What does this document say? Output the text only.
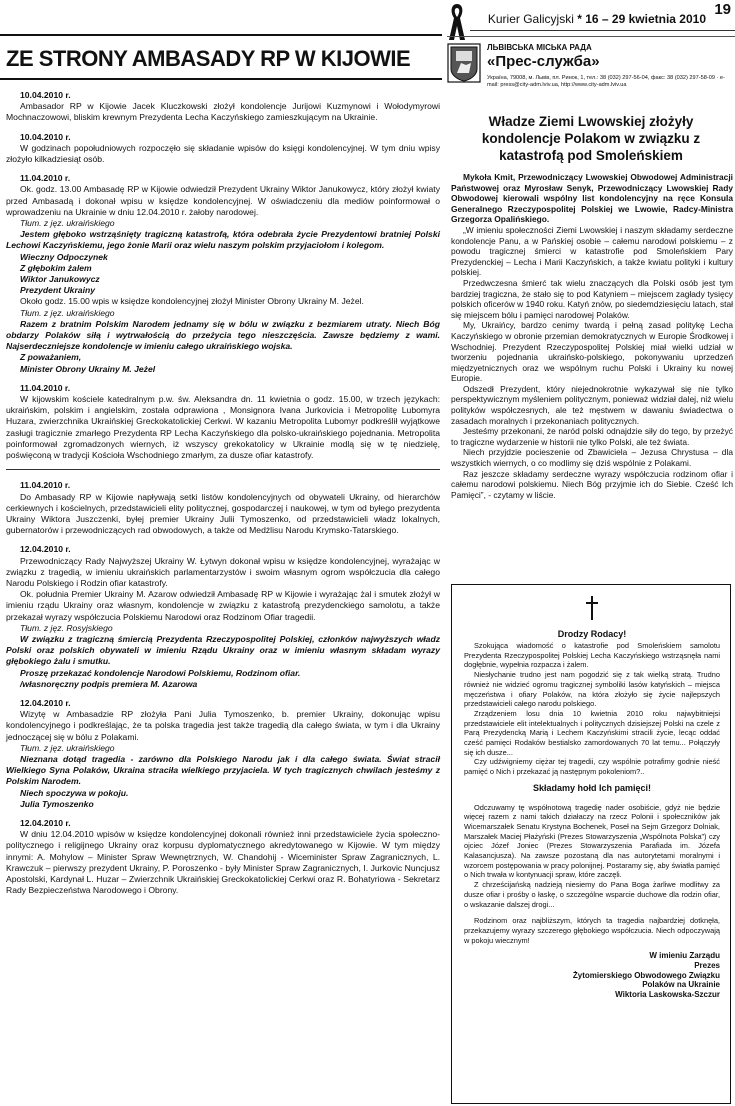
Kurier Galicyjski * 16 – 29 kwietnia 2010
19
ZE STRONY AMBASADY RP W KIJOWIE
10.04.2010 r.

Ambasador RP w Kijowie Jacek Kluczkowski złożył kondolencje Jurijowi Kuzmynowi i Wołodymyrowi Mochnaczowowi, bliskim krewnym Prezydenta Lecha Kaczyńskiego zamieszkującym na Ukrainie.

10.04.2010 r.

W godzinach popołudniowych rozpoczęło się składanie wpisów do księgi kondolencyjnej. W tym dniu wpisy złożyło kilkadziesiąt osób.

11.04.2010 r.

Ok. godz. 13.00 Ambasadę RP w Kijowie odwiedził Prezydent Ukrainy Wiktor Janukowycz, który złożył kwiaty przed Ambasadą i dokonał wpisu w księdze kondolencyjnej. W oświadczeniu dla mediów poinformował o wprowadzeniu na Ukrainie w dniu 12.04.2010 r. żałoby narodowej.

Tłum. z jęz. ukraińskiego

Jestem głęboko wstrząśnięty tragiczną katastrofą, która odebrała życie Prezydentowi bratniej Polski Lechowi Kaczyńskiemu, jego żonie Marii oraz wielu naszym polskim przyjaciołom i kolegom.

Wieczny Odpoczynek

Z głębokim żalem

Wiktor Janukowycz

Prezydent Ukrainy

Około godz. 15.00 wpis w księdze kondolencyjnej złożył Minister Obrony Ukrainy M. Jeżel.

Tłum. z jęz. ukraińskiego

Razem z bratnim Polskim Narodem jednamy się w bólu w związku z bezmiarem utraty. Niech Bóg obdarzy Polaków siłą i wytrwałością do przeżycia tego nieszczęścia. Zawsze będziemy z wami. Najserdeczniejsze kondolencje w imieniu całego ukraińskiego wojska.

Z poważaniem,

Minister Obrony Ukrainy M. Jeżel

11.04.2010 r.

W kijowskim kościele katedralnym p.w. św. Aleksandra dn. 11 kwietnia o godz. 15.00, w trzech językach: ukraińskim, polskim i angielskim, została odprawiona , Monsignora Ivana Jurkovicia i Metropolitę Lubomyra Huzara, zwierzchnika Ukraińskiej Greckokatolickiej Cerkwi. W kazaniu Metropolita Lubomyr podkreślił wyjątkowe zasługi tragicznie zmarłego Prezydenta RP Lecha Kaczyńskiego dla polsko-ukraińskiego pojednania. Metropolita poinformował zgromadzonych wiernych, iż wszyscy grekokatolicy w Ukrainie modlą się w tę niedzielę, poświęconą w tradycji Kościoła Wschodniego zmarłym, za dusze ofiar katastrofy.

11.04.2010 r.

Do Ambasady RP w Kijowie napływają setki listów kondolencyjnych od obywateli Ukrainy, od hierarchów cerkiewnych i kościelnych, przedstawicieli elity politycznej, gospodarczej i naukowej, w tym od byłego prezydenta Ukrainy Wiktora Juszczenki, byłej premier Ukrainy Julii Tymoszenko, od przedstawicieli władz lokalnych, gubernatorów i przewodniczących rad obwodowych, a także od Medżlisu Narodu Krymsko-Tatarskiego.

12.04.2010 r.

Przewodniczący Rady Najwyższej Ukrainy W. Łytwyn dokonał wpisu w księdze kondolencyjnej, wyrażając w związku z tragedią, w imieniu ukraińskich parlamentarzystów i swoim własnym ogrom współczucia dla całego Narodu Polskiego i Rodzin ofiar katastrofy.

Ok. południa Premier Ukrainy M. Azarow odwiedził Ambasadę RP w Kijowie i wyrażając żal i smutek złożył w imieniu rządu Ukrainy oraz własnym, kondolencje w związku z katastrofą prezydenckiego samolotu, a także przekazał wyrazy współczucia Polskiemu Narodowi oraz Rodzinom Ofiar tragedii.

Tłum. z jęz. Rosyjskiego

W związku z tragiczną śmiercią Prezydenta Rzeczypospolitej Polskiej, członków najwyższych władz Polski oraz polskich obywateli w imieniu Rządu Ukrainy oraz w imieniu własnym składam wyrazy głębokiego żalu i smutku.

Proszę przekazać kondolencje Narodowi Polskiemu, Rodzinom ofiar.

/własnoręczny podpis premiera M. Azarowa

12.04.2010 r.

Wizytę w Ambasadzie RP złożyła Pani Julia Tymoszenko, b. premier Ukrainy, dokonując wpisu kondolencyjnego i podkreślając, że ta polska tragedia jest także tragedią dla całego świata, w tym i dla Ukrainy jednoczącej się w bólu z Polakami.

Tłum. z jęz. ukraińskiego

Nieznana dotąd tragedia - zarówno dla Polskiego Narodu jak i dla całego świata. Świat stracił Wielkiego Syna Polaków, Ukraina straciła wielkiego przyjaciela. W tych tragicznych chwilach jesteśmy z Polskim Narodem.

Niech spoczywa w pokoju.

Julia Tymoszenko

12.04.2010 r.

W dniu 12.04.2010 wpisów w księdze kondolencyjnej dokonali również inni przedstawiciele życia społeczno-politycznego i religijnego Ukrainy oraz korpusu dyplomatycznego akredytowanego w Kijowie. W tym między innymi: A. Mohylow – Minister Spraw Wewnętrznych, W. Chandohij - Wiceminister Spraw Zagranicznych, L. Krawczuk – pierwszy prezydent Ukrainy, P. Poroszenko - były Minister Spraw Zagranicznych, I. Jurkovic Nuncjusz Apostolski, Kardynał L. Huzar – Zwierzchnik Ukraińskiej Greckokatolickiej Cerkwi oraz R. Bohatyriowa - Sekretarz Rady Bezpieczeństwa Narodowego i Obrony.

ЛЬВІВСЬКА МІСЬКА РАДА
«Прес-служба»
Україна, 79008, м. Львів, пл. Ринок, 1, тел.: 38 (032) 297-56-04, факс: 38 (032) 297-58-09 · e-mail: press@city-adm.lviv.ua, http://www.city-adm.lviv.ua
Władze Ziemi Lwowskiej złożyły kondolencje Polakom w związku z katastrofą pod Smoleńskiem

Mykoła Kmit, Przewodniczący Lwowskiej Obwodowej Administracji Państwowej oraz Myrosław Senyk, Przewodniczący Lwowskiej Rady Obwodowej kierowali wspólny list kondolencyjny na ręce Konsula Generalnego Rzeczypospolitej Polskiej we Lwowie, Radcy-Ministra Grzegorza Opalińskiego.

„W imieniu społeczności Ziemi Lwowskiej i naszym składamy serdeczne kondolencje Panu, a w Pańskiej osobie – całemu narodowi polskiemu – z powodu tragicznej śmierci w katastrofie pod Smoleńskiem Pary Prezydenckiej – Lecha i Marii Kaczyńskich, a także kwiatu polityki i kultury polskiej.

Przedwczesna śmierć tak wielu znaczących dla Polski osób jest tym bardziej tragiczna, że stało się to pod Katyniem – miejscem zagłady tysięcy polskich oficerów w 1940 roku. Katyń znów, po siedemdziesięciu latach, stał się miejscem bólu i pamięci narodowej Polaków.

My, Ukraińcy, bardzo cenimy twardą i pełną zasad politykę Lecha Kaczyńskiego w obronie przemian demokratycznych w Europie Środkowej i Wschodniej. Prezydent Rzeczypospolitej Polskiej miał wielki udział w tworzeniu pojednania ukraińsko-polskiego, pokonywaniu uprzedzeń międzyetnicznych oraz we wspólnym ruchu Polski i Ukrainy ku nowej Europie.

Odszedł Prezydent, który niejednokrotnie wykazywał się nie tylko perspektywicznym myśleniem politycznym, ponieważ widział dalej, niż wielu polityków współczesnych, ale też męstwem w dawaniu świadectwa o zasadach moralnych i przekonaniach politycznych.

Jesteśmy przekonani, że naród polski odnajdzie siły do tego, by przeżyć to tragiczne wydarzenie w historii nie tylko Polski, ale też świata.

Niech przyjdzie pocieszenie od Zbawiciela – Jezusa Chrystusa – dla wszystkich wiernych, o co modlimy się dziś wspólnie z Polakami.

Raz jeszcze składamy serdeczne wyrazy współczucia rodzinom ofiar i całemu narodowi polskiemu. Niech Bóg przyjmie ich do Siebie. Cześć Ich Pamięci”, - czytamy w liście.

Drodzy Rodacy!

Szokująca wiadomość o katastrofie pod Smoleńskiem samolotu Prezydenta Rzeczypospolitej Polskiej Lecha Kaczyńskiego wstrząsnęła nami dogłębnie, wypełnia rozpacza i żalem.

Niesłychanie trudno jest nam pogodzić się z tak wielką stratą. Trudno również nie widzieć ogromu tragicznej symboliki lasów katyńskich – miejsca męczeństwa i ofiary Polaków, na która złożyło się życie najlepszych przedstawicieli całego narodu polskiego.

Zrządzeniem losu dnia 10 kwietnia 2010 roku najwybitniejsi przedstawiciele elit intelektualnych i politycznych dzisiejszej Polski na czele z Parą Prezydencką Marią i Lechem Kaczyńskimi stracili życie, lecąc oddać cześć pamięci Rodaków bestialsko zamordowanych 70 lat temu... Połączyły się ich dusze...

Czy udźwigniemy ciężar tej tragedii, czy wspólnie potrafimy godnie nieść pamięć o Nich i przekazać ją następnym pokoleniom?..

Składamy hołd Ich pamięci!

Odczuwamy tę współnotową tragedię nader osobiście, gdyż nie będzie więcej razem z nami takich działaczy na rzecz Polonii i społeczników jak Wicemarszałek Senatu Krystyna Bochenek, Poseł na Sejm Grzegorz Dolniak, Marszałek Maciej Płażyński (Prezes Stowarzyszenia „Wspólnota Polska”) czy ojciec Józef Joniec (Prezes Stowarzyszenia Parafiada im. Józefa Kalasancjusza). Na zawsze pozostaną dla nas autorytetami moralnymi i wzorcem postępowania w pracy polonijnej. Postaramy się, aby światła pamięć o Nich trwała w kontynuacji spraw, które zaczęli.

Z chrześcijańską nadzieją niesiemy do Pana Boga żarliwe modlitwy za dusze ofiar i prośby o łaskę, o szczególne wsparcie duchowe dla rodzin ofiar, o wskazanie dalszej drogi...

Rodzinom oraz najbliższym, których ta tragedia najbardziej dotknęła, przekazujemy wyrazy szczerego głębokiego współczucia. Niech odpoczywają w pokoju wiecznym!

W imieniu Zarządu
Prezes
Żytomierskiego Obwodowego Związku
Polaków na Ukrainie
Wiktoria Laskowska-Szczur
